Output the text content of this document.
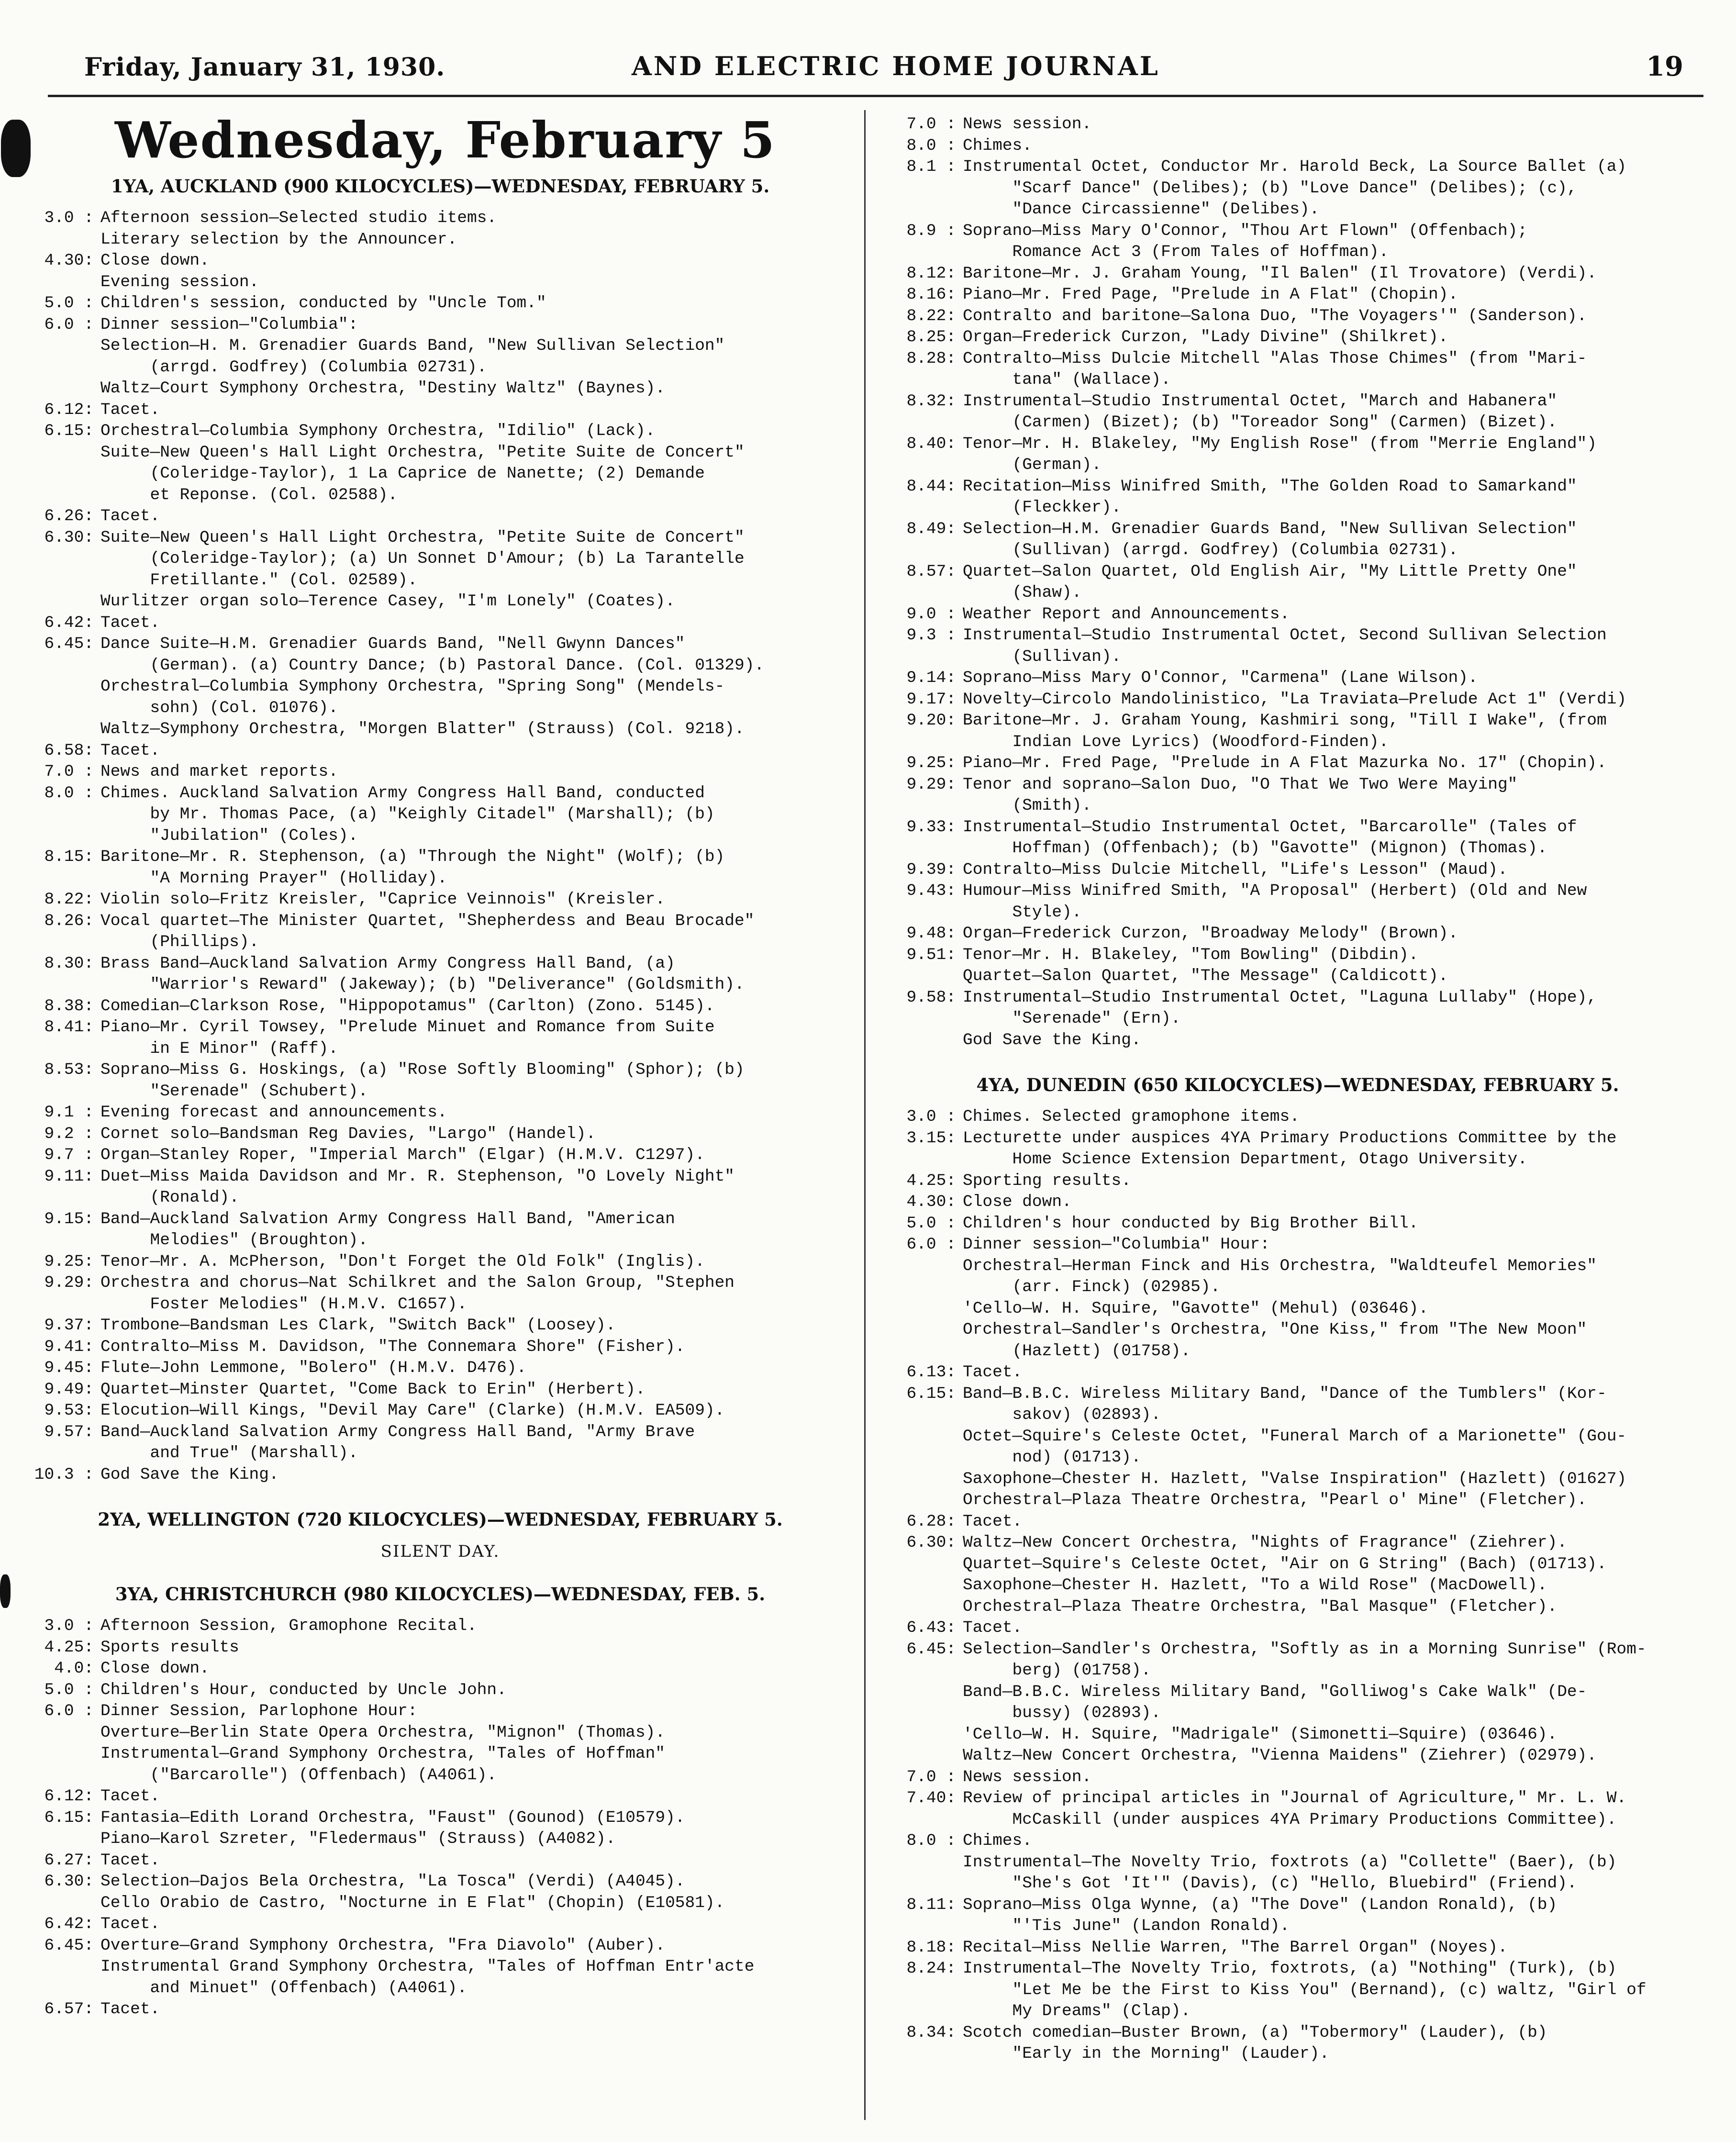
Friday, January 31, 1930.	AND ELECTRIC HOME JOURNAL	19
Wednesday, February 5
1YA, AUCKLAND (900 KILOCYCLES)—WEDNESDAY, FEBRUARY 5.
3.0 : Afternoon session—Selected studio items.
Literary selection by the Announcer.
4.30: Close down.
Evening session.
5.0 : Children's session, conducted by "Uncle Tom."
6.0 : Dinner session—"Columbia":
Selection—H. M. Grenadier Guards Band, "New Sullivan Selection"
(arrgd. Godfrey) (Columbia 02731).
Waltz—Court Symphony Orchestra, "Destiny Waltz" (Baynes).
6.12: Tacet.
6.15: Orchestral—Columbia Symphony Orchestra, "Idilio" (Lack).
Suite—New Queen's Hall Light Orchestra, "Petite Suite de Concert"
(Coleridge-Taylor), 1 La Caprice de Nanette; (2) Demande
et Reponse. (Col. 02588).
6.26: Tacet.
6.30: Suite—New Queen's Hall Light Orchestra, "Petite Suite de Concert"
(Coleridge-Taylor); (a) Un Sonnet D'Amour; (b) La Tarantelle
Fretillante." (Col. 02589).
Wurlitzer organ solo—Terence Casey, "I'm Lonely" (Coates).
6.42: Tacet.
6.45: Dance Suite—H.M. Grenadier Guards Band, "Nell Gwynn Dances"
(German). (a) Country Dance; (b) Pastoral Dance. (Col. 01329).
Orchestral—Columbia Symphony Orchestra, "Spring Song" (Mendels-
sohn) (Col. 01076).
Waltz—Symphony Orchestra, "Morgen Blatter" (Strauss) (Col. 9218).
6.58: Tacet.
7.0 : News and market reports.
8.0 : Chimes. Auckland Salvation Army Congress Hall Band, conducted
by Mr. Thomas Pace, (a) "Keighly Citadel" (Marshall); (b)
"Jubilation" (Coles).
8.15: Baritone—Mr. R. Stephenson, (a) "Through the Night" (Wolf); (b)
"A Morning Prayer" (Holliday).
8.22: Violin solo—Fritz Kreisler, "Caprice Veinnois" (Kreisler.
8.26: Vocal quartet—The Minister Quartet, "Shepherdess and Beau Brocade"
(Phillips).
8.30: Brass Band—Auckland Salvation Army Congress Hall Band, (a)
"Warrior's Reward" (Jakeway); (b) "Deliverance" (Goldsmith).
8.38: Comedian—Clarkson Rose, "Hippopotamus" (Carlton) (Zono. 5145).
8.41: Piano—Mr. Cyril Towsey, "Prelude Minuet and Romance from Suite
in E Minor" (Raff).
8.53: Soprano—Miss G. Hoskings, (a) "Rose Softly Blooming" (Sphor); (b)
"Serenade" (Schubert).
9.1 : Evening forecast and announcements.
9.2 : Cornet solo—Bandsman Reg Davies, "Largo" (Handel).
9.7 : Organ—Stanley Roper, "Imperial March" (Elgar) (H.M.V. C1297).
9.11: Duet—Miss Maida Davidson and Mr. R. Stephenson, "O Lovely Night"
(Ronald).
9.15: Band—Auckland Salvation Army Congress Hall Band, "American
Melodies" (Broughton).
9.25: Tenor—Mr. A. McPherson, "Don't Forget the Old Folk" (Inglis).
9.29: Orchestra and chorus—Nat Schilkret and the Salon Group, "Stephen
Foster Melodies" (H.M.V. C1657).
9.37: Trombone—Bandsman Les Clark, "Switch Back" (Loosey).
9.41: Contralto—Miss M. Davidson, "The Connemara Shore" (Fisher).
9.45: Flute—John Lemmone, "Bolero" (H.M.V. D476).
9.49: Quartet—Minster Quartet, "Come Back to Erin" (Herbert).
9.53: Elocution—Will Kings, "Devil May Care" (Clarke) (H.M.V. EA509).
9.57: Band—Auckland Salvation Army Congress Hall Band, "Army Brave
and True" (Marshall).
10.3 : God Save the King.
2YA, WELLINGTON (720 KILOCYCLES)—WEDNESDAY, FEBRUARY 5.
SILENT DAY.
3YA, CHRISTCHURCH (980 KILOCYCLES)—WEDNESDAY, FEB. 5.
3.0 : Afternoon Session, Gramophone Recital.
4.25: Sports results
4.0: Close down.
5.0 : Children's Hour, conducted by Uncle John.
6.0 : Dinner Session, Parlophone Hour:
Overture—Berlin State Opera Orchestra, "Mignon" (Thomas).
Instrumental—Grand Symphony Orchestra, "Tales of Hoffman"
("Barcarolle") (Offenbach) (A4061).
6.12: Tacet.
6.15: Fantasia—Edith Lorand Orchestra, "Faust" (Gounod) (E10579).
Piano—Karol Szreter, "Fledermaus" (Strauss) (A4082).
6.27: Tacet.
6.30: Selection—Dajos Bela Orchestra, "La Tosca" (Verdi) (A4045).
Cello Orabio de Castro, "Nocturne in E Flat" (Chopin) (E10581).
6.42: Tacet.
6.45: Overture—Grand Symphony Orchestra, "Fra Diavolo" (Auber).
Instrumental Grand Symphony Orchestra, "Tales of Hoffman Entr'acte
and Minuet" (Offenbach) (A4061).
6.57: Tacet.
7.0 : News session.
8.0 : Chimes.
8.1 : Instrumental Octet, Conductor Mr. Harold Beck, La Source Ballet (a)
"Scarf Dance" (Delibes); (b) "Love Dance" (Delibes); (c),
"Dance Circassienne" (Delibes).
8.9 : Soprano—Miss Mary O'Connor, "Thou Art Flown" (Offenbach);
Romance Act 3 (From Tales of Hoffman).
8.12: Baritone—Mr. J. Graham Young, "Il Balen" (Il Trovatore) (Verdi).
8.16: Piano—Mr. Fred Page, "Prelude in A Flat" (Chopin).
8.22: Contralto and baritone—Salona Duo, "The Voyagers'" (Sanderson).
8.25: Organ—Frederick Curzon, "Lady Divine" (Shilkret).
8.28: Contralto—Miss Dulcie Mitchell "Alas Those Chimes" (from "Mari-
tana" (Wallace).
8.32: Instrumental—Studio Instrumental Octet, "March and Habanera"
(Carmen) (Bizet); (b) "Toreador Song" (Carmen) (Bizet).
8.40: Tenor—Mr. H. Blakeley, "My English Rose" (from "Merrie England")
(German).
8.44: Recitation—Miss Winifred Smith, "The Golden Road to Samarkand"
(Fleckker).
8.49: Selection—H.M. Grenadier Guards Band, "New Sullivan Selection"
(Sullivan) (arrgd. Godfrey) (Columbia 02731).
8.57: Quartet—Salon Quartet, Old English Air, "My Little Pretty One"
(Shaw).
9.0 : Weather Report and Announcements.
9.3 : Instrumental—Studio Instrumental Octet, Second Sullivan Selection
(Sullivan).
9.14: Soprano—Miss Mary O'Connor, "Carmena" (Lane Wilson).
9.17: Novelty—Circolo Mandolinistico, "La Traviata—Prelude Act 1" (Verdi)
9.20: Baritone—Mr. J. Graham Young, Kashmiri song, "Till I Wake", (from
Indian Love Lyrics) (Woodford-Finden).
9.25: Piano—Mr. Fred Page, "Prelude in A Flat Mazurka No. 17" (Chopin).
9.29: Tenor and soprano—Salon Duo, "O That We Two Were Maying"
(Smith).
9.33: Instrumental—Studio Instrumental Octet, "Barcarolle" (Tales of
Hoffman) (Offenbach); (b) "Gavotte" (Mignon) (Thomas).
9.39: Contralto—Miss Dulcie Mitchell, "Life's Lesson" (Maud).
9.43: Humour—Miss Winifred Smith, "A Proposal" (Herbert) (Old and New
Style).
9.48: Organ—Frederick Curzon, "Broadway Melody" (Brown).
9.51: Tenor—Mr. H. Blakeley, "Tom Bowling" (Dibdin).
Quartet—Salon Quartet, "The Message" (Caldicott).
9.58: Instrumental—Studio Instrumental Octet, "Laguna Lullaby" (Hope),
"Serenade" (Ern).
God Save the King.
4YA, DUNEDIN (650 KILOCYCLES)—WEDNESDAY, FEBRUARY 5.
3.0 : Chimes. Selected gramophone items.
3.15: Lecturette under auspices 4YA Primary Productions Committee by the
Home Science Extension Department, Otago University.
4.25: Sporting results.
4.30: Close down.
5.0 : Children's hour conducted by Big Brother Bill.
6.0 : Dinner session—"Columbia" Hour:
Orchestral—Herman Finck and His Orchestra, "Waldteufel Memories"
(arr. Finck) (02985).
'Cello—W. H. Squire, "Gavotte" (Mehul) (03646).
Orchestral—Sandler's Orchestra, "One Kiss," from "The New Moon"
(Hazlett) (01758).
6.13: Tacet.
6.15: Band—B.B.C. Wireless Military Band, "Dance of the Tumblers" (Kor-
sakov) (02893).
Octet—Squire's Celeste Octet, "Funeral March of a Marionette" (Gou-
nod) (01713).
Saxophone—Chester H. Hazlett, "Valse Inspiration" (Hazlett) (01627)
Orchestral—Plaza Theatre Orchestra, "Pearl o' Mine" (Fletcher).
6.28: Tacet.
6.30: Waltz—New Concert Orchestra, "Nights of Fragrance" (Ziehrer).
Quartet—Squire's Celeste Octet, "Air on G String" (Bach) (01713).
Saxophone—Chester H. Hazlett, "To a Wild Rose" (MacDowell).
Orchestral—Plaza Theatre Orchestra, "Bal Masque" (Fletcher).
6.43: Tacet.
6.45: Selection—Sandler's Orchestra, "Softly as in a Morning Sunrise" (Rom-
berg) (01758).
Band—B.B.C. Wireless Military Band, "Golliwog's Cake Walk" (De-
bussy) (02893).
'Cello—W. H. Squire, "Madrigale" (Simonetti—Squire) (03646).
Waltz—New Concert Orchestra, "Vienna Maidens" (Ziehrer) (02979).
7.0 : News session.
7.40: Review of principal articles in "Journal of Agriculture," Mr. L. W.
McCaskill (under auspices 4YA Primary Productions Committee).
8.0 : Chimes.
Instrumental—The Novelty Trio, foxtrots (a) "Collette" (Baer), (b)
"She's Got 'It'" (Davis), (c) "Hello, Bluebird" (Friend).
8.11: Soprano—Miss Olga Wynne, (a) "The Dove" (Landon Ronald), (b)
"'Tis June" (Landon Ronald).
8.18: Recital—Miss Nellie Warren, "The Barrel Organ" (Noyes).
8.24: Instrumental—The Novelty Trio, foxtrots, (a) "Nothing" (Turk), (b)
"Let Me be the First to Kiss You" (Bernand), (c) waltz, "Girl of
My Dreams" (Clap).
8.34: Scotch comedian—Buster Brown, (a) "Tobermory" (Lauder), (b)
"Early in the Morning" (Lauder).
